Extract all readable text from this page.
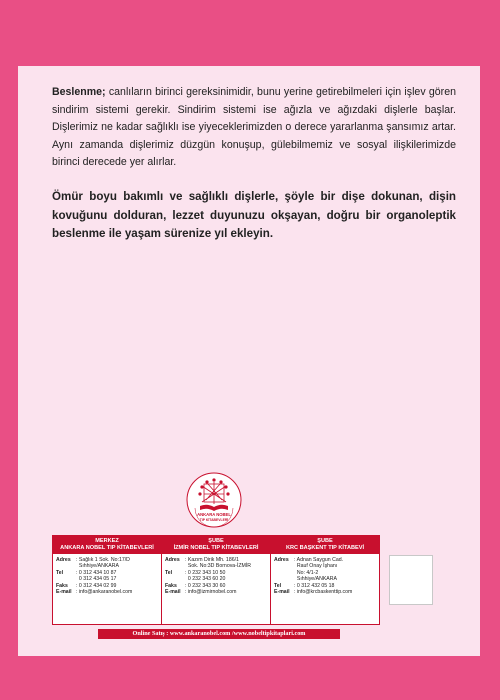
Beslenme; canlıların birinci gereksinimidir, bunu yerine getirebilmeleri için işlev gören sindirim sistemi gerekir. Sindirim sistemi ise ağızla ve ağızdaki dişlerle başlar. Dişlerimiz ne kadar sağlıklı ise yiyeceklerimizden o derece yararlanma şansımız artar. Aynı zamanda dişlerimiz düzgün konuşup, gülebilmemiz ve sosyal ilişkilerimizde birinci derecede yer alırlar.

Ömür boyu bakımlı ve sağlıklı dişlerle, şöyle bir dişe dokunan, dişin kovuğunu dolduran, lezzet duyunuzu okşayan, doğru bir organoleptik beslenme ile yaşam sürenize yıl ekleyin.

ANKARA NOBEL
TIP KİTABEVLERİ
MERKEZ
ANKARA NOBEL TIP KİTABEVLERİ
Adres	: Sağlık 1 Sok. No:17/D
Sıhhiye/ANKARA
Tel	: 0 312 434 10 87
0 312 434 05 17
Faks	: 0 312 434 02 99
E-mail	: info@ankaranobel.com
ŞUBE
İZMİR NOBEL TIP KİTABEVLERİ
Adres	: Kazım Dirik Mh. 186/1
Sok. No:3D Bornova-İZMİR
Tel	: 0 232 343 10 50
0 232 343 60 20
Faks	: 0 232 343 30 60
E-mail	: info@izmirnobel.com
ŞUBE
KRC BAŞKENT TIP KİTABEVİ
Adres	: Adnan Saygun Cad.
Rauf Onay İşhanı
No: 4/1-2
Sıhhiye/ANKARA
Tel	: 0 312 432 05 18
E-mail	: info@krcbaskenttip.com
Online Satış : www.ankaranobel.com /www.nobeltipkitaplari.com
